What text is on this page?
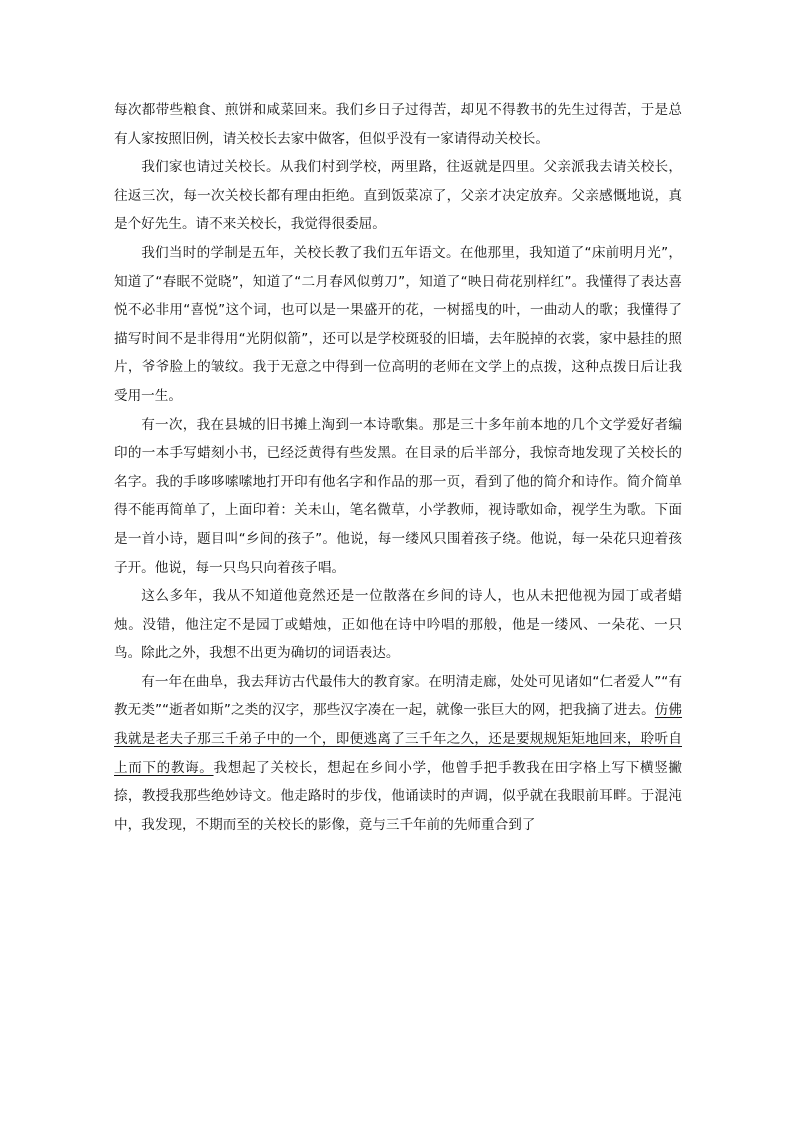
每次都带些粮食、煎饼和咸菜回来。我们乡日子过得苦，却见不得教书的先生过得苦，于是总有人家按照旧例，请关校长去家中做客，但似乎没有一家请得动关校长。

我们家也请过关校长。从我们村到学校，两里路，往返就是四里。父亲派我去请关校长，往返三次，每一次关校长都有理由拒绝。直到饭菜凉了，父亲才决定放弃。父亲感慨地说，真是个好先生。请不来关校长，我觉得很委屈。

我们当时的学制是五年，关校长教了我们五年语文。在他那里，我知道了“床前明月光”，知道了“春眠不觉晓”，知道了“二月春风似剪刀”，知道了“映日荷花别样红”。我懂得了表达喜悦不必非用“喜悦”这个词，也可以是一果盛开的花，一树摇曳的叶，一曲动人的歌；我懂得了描写时间不是非得用“光阴似箭”，还可以是学校斑驳的旧墙，去年脱掉的衣裳，家中悬挂的照片，爷爷脸上的皱纹。我于无意之中得到一位高明的老师在文学上的点拨，这种点拨日后让我受用一生。

有一次，我在县城的旧书摊上淘到一本诗歌集。那是三十多年前本地的几个文学爱好者编印的一本手写蜡刻小书，已经泛黄得有些发黑。在目录的后半部分，我惊奇地发现了关校长的名字。我的手哆哆嗦嗦地打开印有他名字和作品的那一页，看到了他的简介和诗作。简介简单得不能再简单了，上面印着：关未山，笔名微草，小学教师，视诗歌如命，视学生为歌。下面是一首小诗，题目叫“乡间的孩子”。他说，每一缕风只围着孩子绕。他说，每一朵花只迎着孩子开。他说，每一只鸟只向着孩子唱。

这么多年，我从不知道他竟然还是一位散落在乡间的诗人，也从未把他视为园丁或者蜡烛。没错，他注定不是园丁或蜡烛，正如他在诗中吟唱的那般，他是一缕风、一朵花、一只鸟。除此之外，我想不出更为确切的词语表达。

有一年在曲阜，我去拜访古代最伟大的教育家。在明清走廊，处处可见诸如“仁者爱人”“有教无类”“逝者如斯”之类的汉字，那些汉字凑在一起，就像一张巨大的网，把我摘了进去。仿佛我就是老夫子那三千弟子中的一个，即便逃离了三千年之久，还是要规规矩矩地回来，聆听自上而下的教诲。我想起了关校长，想起在乡间小学，他曾手把手教我在田字格上写下横竖撇捺，教授我那些绝妙诗文。他走路时的步伐，他诵读时的声调，似乎就在我眼前耳畔。于混沌中，我发现，不期而至的关校长的影像，竟与三千年前的先师重合到了
